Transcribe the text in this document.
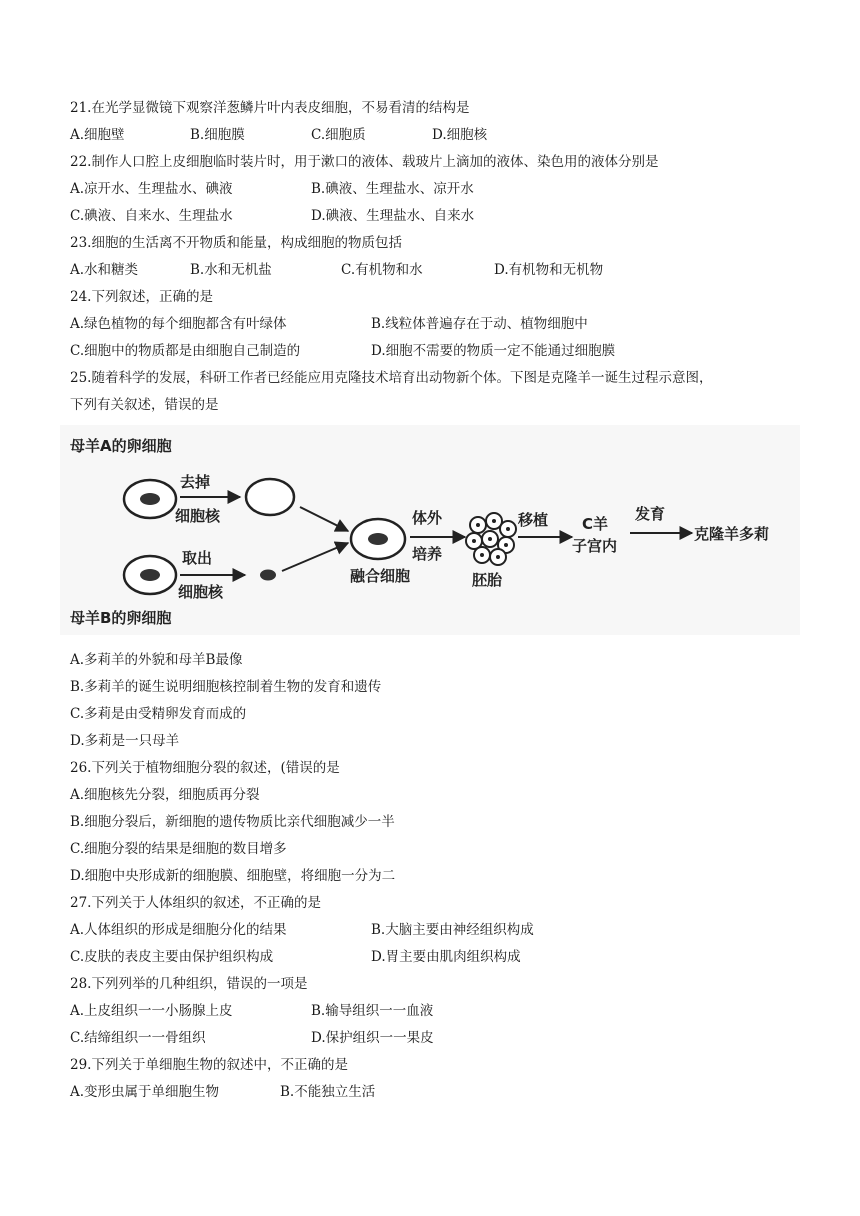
21.在光学显微镜下观察洋葱鳞片叶内表皮细胞，不易看清的结构是
A.细胞壁	B.细胞膜	C.细胞质	D.细胞核
22.制作人口腔上皮细胞临时装片时，用于漱口的液体、载玻片上滴加的液体、染色用的液体分别是
A.凉开水、生理盐水、碘液	B.碘液、生理盐水、凉开水
C.碘液、自来水、生理盐水	D.碘液、生理盐水、自来水
23.细胞的生活离不开物质和能量，构成细胞的物质包括
A.水和糖类	B.水和无机盐	C.有机物和水	D.有机物和无机物
24.下列叙述，正确的是
A.绿色植物的每个细胞都含有叶绿体	B.线粒体普遍存在于动、植物细胞中
C.细胞中的物质都是由细胞自己制造的	D.细胞不需要的物质一定不能通过细胞膜
25.随着科学的发展，科研工作者已经能应用克隆技术培育出动物新个体。下图是克隆羊一诞生过程示意图，
下列有关叙述，错误的是
母羊A的卵细胞
母羊B的卵细胞
去掉
细胞核
取出
细胞核
融合细胞
体外
培养
胚胎
移植 C羊
子宫内
发育
克隆羊多莉
A.多莉羊的外貌和母羊B最像
B.多莉羊的诞生说明细胞核控制着生物的发育和遗传
C.多莉是由受精卵发育而成的
D.多莉是一只母羊
26.下列关于植物细胞分裂的叙述，(错误的是
A.细胞核先分裂，细胞质再分裂
B.细胞分裂后，新细胞的遗传物质比亲代细胞减少一半
C.细胞分裂的结果是细胞的数目增多
D.细胞中央形成新的细胞膜、细胞壁，将细胞一分为二
27.下列关于人体组织的叙述，不正确的是
A.人体组织的形成是细胞分化的结果	B.大脑主要由神经组织构成
C.皮肤的表皮主要由保护组织构成	D.胃主要由肌肉组织构成
28.下列列举的几种组织，错误的一项是
A.上皮组织一一小肠腺上皮	B.输导组织一一血液
C.结缔组织一一骨组织	D.保护组织一一果皮
29.下列关于单细胞生物的叙述中，不正确的是
A.变形虫属于单细胞生物	B.不能独立生活
